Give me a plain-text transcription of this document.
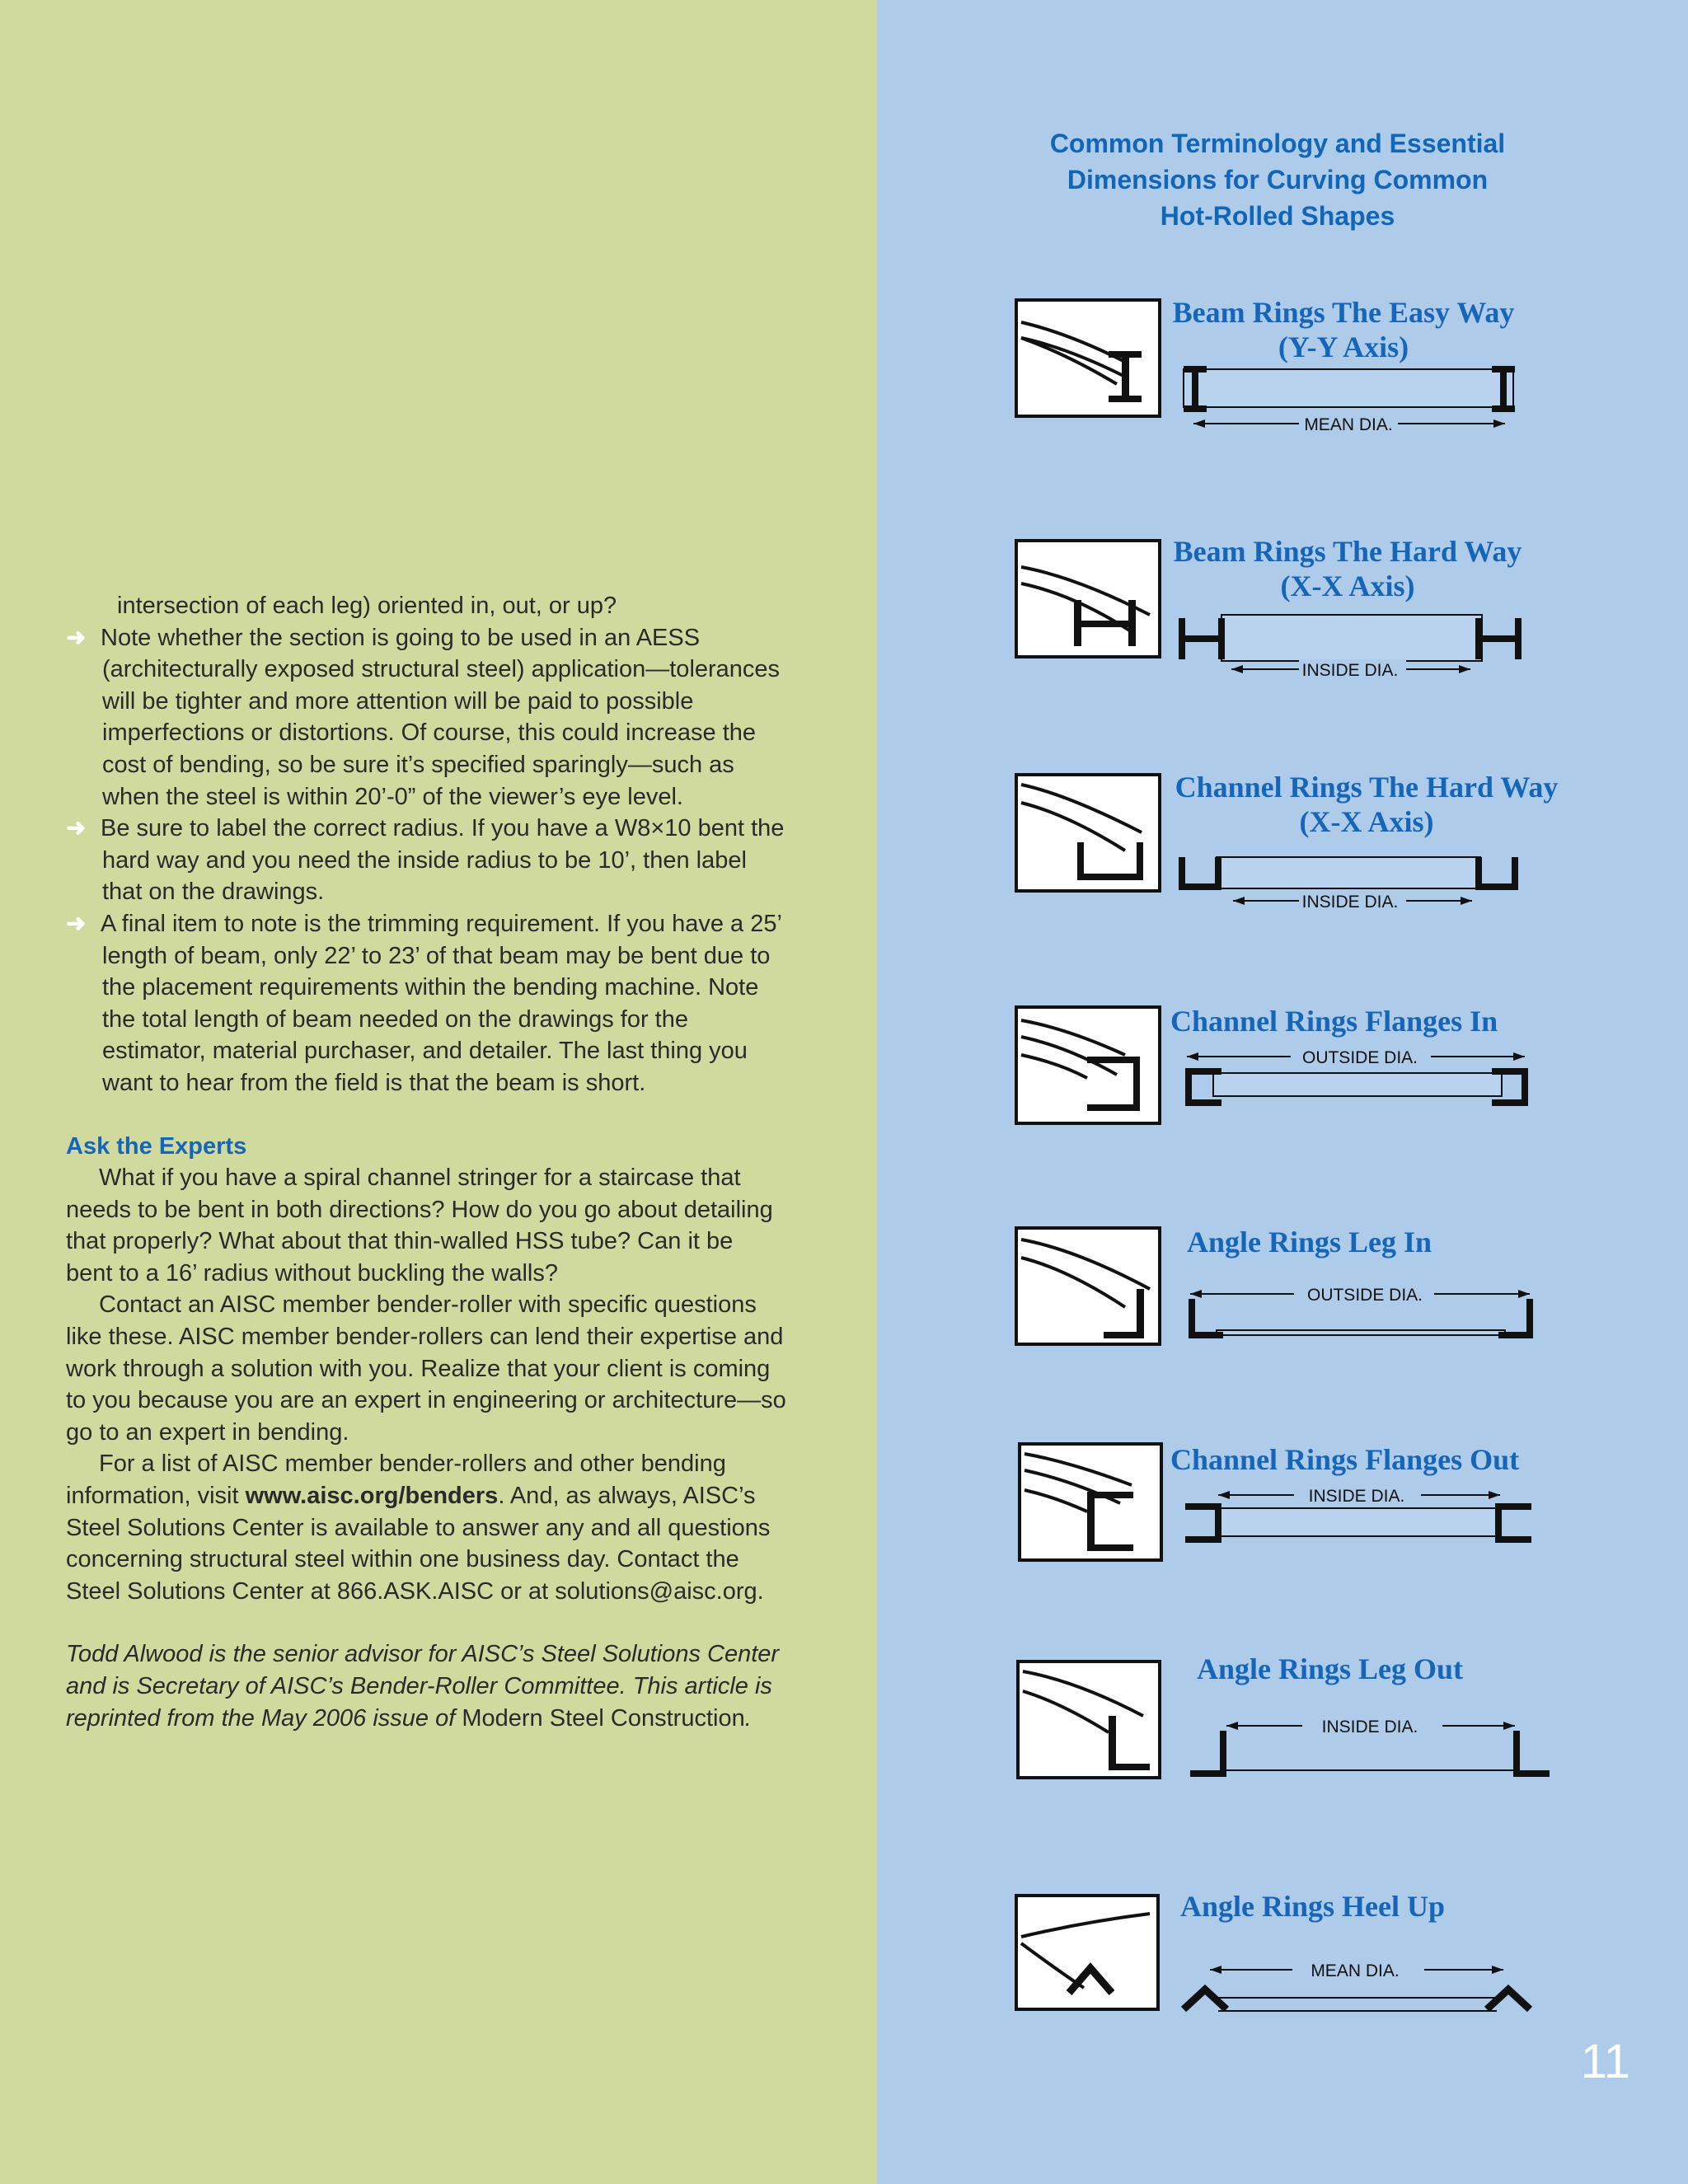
intersection of each leg) oriented in, out, or up?

➜ Note whether the section is going to be used in an AESS

(architecturally exposed structural steel) application—tolerances

will be tighter and more attention will be paid to possible

imperfections or distortions. Of course, this could increase the

cost of bending, so be sure it’s specified sparingly—such as

when the steel is within 20’-0” of the viewer’s eye level.

➜ Be sure to label the correct radius. If you have a W8×10 bent the

hard way and you need the inside radius to be 10’, then label

that on the drawings.

➜ A final item to note is the trimming requirement. If you have a 25’

length of beam, only 22’ to 23’ of that beam may be bent due to

the placement requirements within the bending machine. Note

the total length of beam needed on the drawings for the

estimator, material purchaser, and detailer. The last thing you

want to hear from the field is that the beam is short.

Ask the Experts

What if you have a spiral channel stringer for a staircase that

needs to be bent in both directions? How do you go about detailing

that properly? What about that thin-walled HSS tube? Can it be

bent to a 16’ radius without buckling the walls?

Contact an AISC member bender-roller with specific questions

like these. AISC member bender-rollers can lend their expertise and

work through a solution with you. Realize that your client is coming

to you because you are an expert in engineering or architecture—so

go to an expert in bending.

For a list of AISC member bender-rollers and other bending

information, visit www.aisc.org/benders. And, as always, AISC’s

Steel Solutions Center is available to answer any and all questions

concerning structural steel within one business day. Contact the

Steel Solutions Center at 866.ASK.AISC or at solutions@aisc.org.

Todd Alwood is the senior advisor for AISC’s Steel Solutions Center

and is Secretary of AISC’s Bender-Roller Committee. This article is

reprinted from the May 2006 issue of Modern Steel Construction.

Common Terminology and Essential
Dimensions for Curving Common
Hot-Rolled Shapes
Beam Rings The Easy Way
(Y-Y Axis)
MEAN DIA.
Beam Rings The Hard Way
(X-X Axis)
INSIDE DIA.
Channel Rings The Hard Way
(X-X Axis)
INSIDE DIA.
Channel Rings Flanges In
OUTSIDE DIA.
Angle Rings Leg In
OUTSIDE DIA.
Channel Rings Flanges Out
INSIDE DIA.
Angle Rings Leg Out
INSIDE DIA.
Angle Rings Heel Up
MEAN DIA.
11
